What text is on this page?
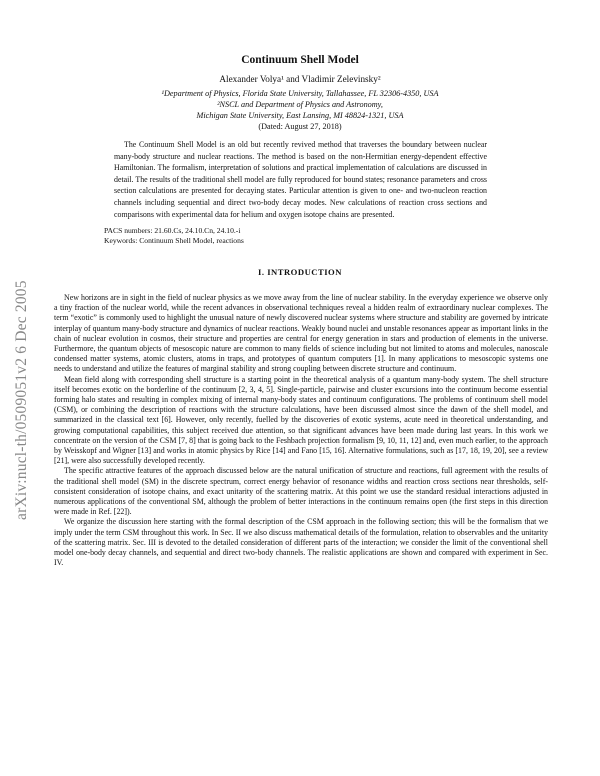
arXiv:nucl-th/0509051v2 6 Dec 2005
Continuum Shell Model
Alexander Volya¹ and Vladimir Zelevinsky²
¹Department of Physics, Florida State University, Tallahassee, FL 32306-4350, USA
²NSCL and Department of Physics and Astronomy,
Michigan State University, East Lansing, MI 48824-1321, USA
(Dated: August 27, 2018)

The Continuum Shell Model is an old but recently revived method that traverses the boundary between nuclear many-body structure and nuclear reactions. The method is based on the non-Hermitian energy-dependent effective Hamiltonian. The formalism, interpretation of solutions and practical implementation of calculations are discussed in detail. The results of the traditional shell model are fully reproduced for bound states; resonance parameters and cross section calculations are presented for decaying states. Particular attention is given to one- and two-nucleon reaction channels including sequential and direct two-body decay modes. New calculations of reaction cross sections and comparisons with experimental data for helium and oxygen isotope chains are presented.

PACS numbers: 21.60.Cs, 24.10.Cn, 24.10.-i
Keywords: Continuum Shell Model, reactions
I. INTRODUCTION

New horizons are in sight in the field of nuclear physics as we move away from the line of nuclear stability. In the everyday experience we observe only a tiny fraction of the nuclear world, while the recent advances in observational techniques reveal a hidden realm of extraordinary nuclear complexes. The term “exotic” is commonly used to highlight the unusual nature of newly discovered nuclear systems where structure and stability are governed by intricate interplay of quantum many-body structure and dynamics of nuclear reactions. Weakly bound nuclei and unstable resonances appear as important links in the chain of nuclear evolution in cosmos, their structure and properties are central for energy generation in stars and production of elements in the universe. Furthermore, the quantum objects of mesoscopic nature are common to many fields of science including but not limited to atoms and molecules, nanoscale condensed matter systems, atomic clusters, atoms in traps, and prototypes of quantum computers [1]. In many applications to mesoscopic systems one needs to understand and utilize the features of marginal stability and strong coupling between discrete structure and continuum.

Mean field along with corresponding shell structure is a starting point in the theoretical analysis of a quantum many-body system. The shell structure itself becomes exotic on the borderline of the continuum [2, 3, 4, 5]. Single-particle, pairwise and cluster excursions into the continuum become essential forming halo states and resulting in complex mixing of internal many-body states and continuum configurations. The problems of continuum shell model (CSM), or combining the description of reactions with the structure calculations, have been discussed almost since the dawn of the shell model, and summarized in the classical text [6]. However, only recently, fuelled by the discoveries of exotic systems, acute need in theoretical understanding, and growing computational capabilities, this subject received due attention, so that significant advances have been made during last years. In this work we concentrate on the version of the CSM [7, 8] that is going back to the Feshbach projection formalism [9, 10, 11, 12] and, even much earlier, to the approach by Weisskopf and Wigner [13] and works in atomic physics by Rice [14] and Fano [15, 16]. Alternative formulations, such as [17, 18, 19, 20], see a review [21], were also successfully developed recently.

The specific attractive features of the approach discussed below are the natural unification of structure and reactions, full agreement with the results of the traditional shell model (SM) in the discrete spectrum, correct energy behavior of resonance widths and reaction cross sections near thresholds, self-consistent consideration of isotope chains, and exact unitarity of the scattering matrix. At this point we use the standard residual interactions adjusted in numerous applications of the conventional SM, although the problem of better interactions in the continuum remains open (the first steps in this direction were made in Ref. [22]).

We organize the discussion here starting with the formal description of the CSM approach in the following section; this will be the formalism that we imply under the term CSM throughout this work. In Sec. II we also discuss mathematical details of the formulation, relation to observables and the unitarity of the scattering matrix. Sec. III is devoted to the detailed consideration of different parts of the interaction; we consider the limit of the conventional shell model one-body decay channels, and sequential and direct two-body channels. The realistic applications are shown and compared with experiment in Sec. IV.
